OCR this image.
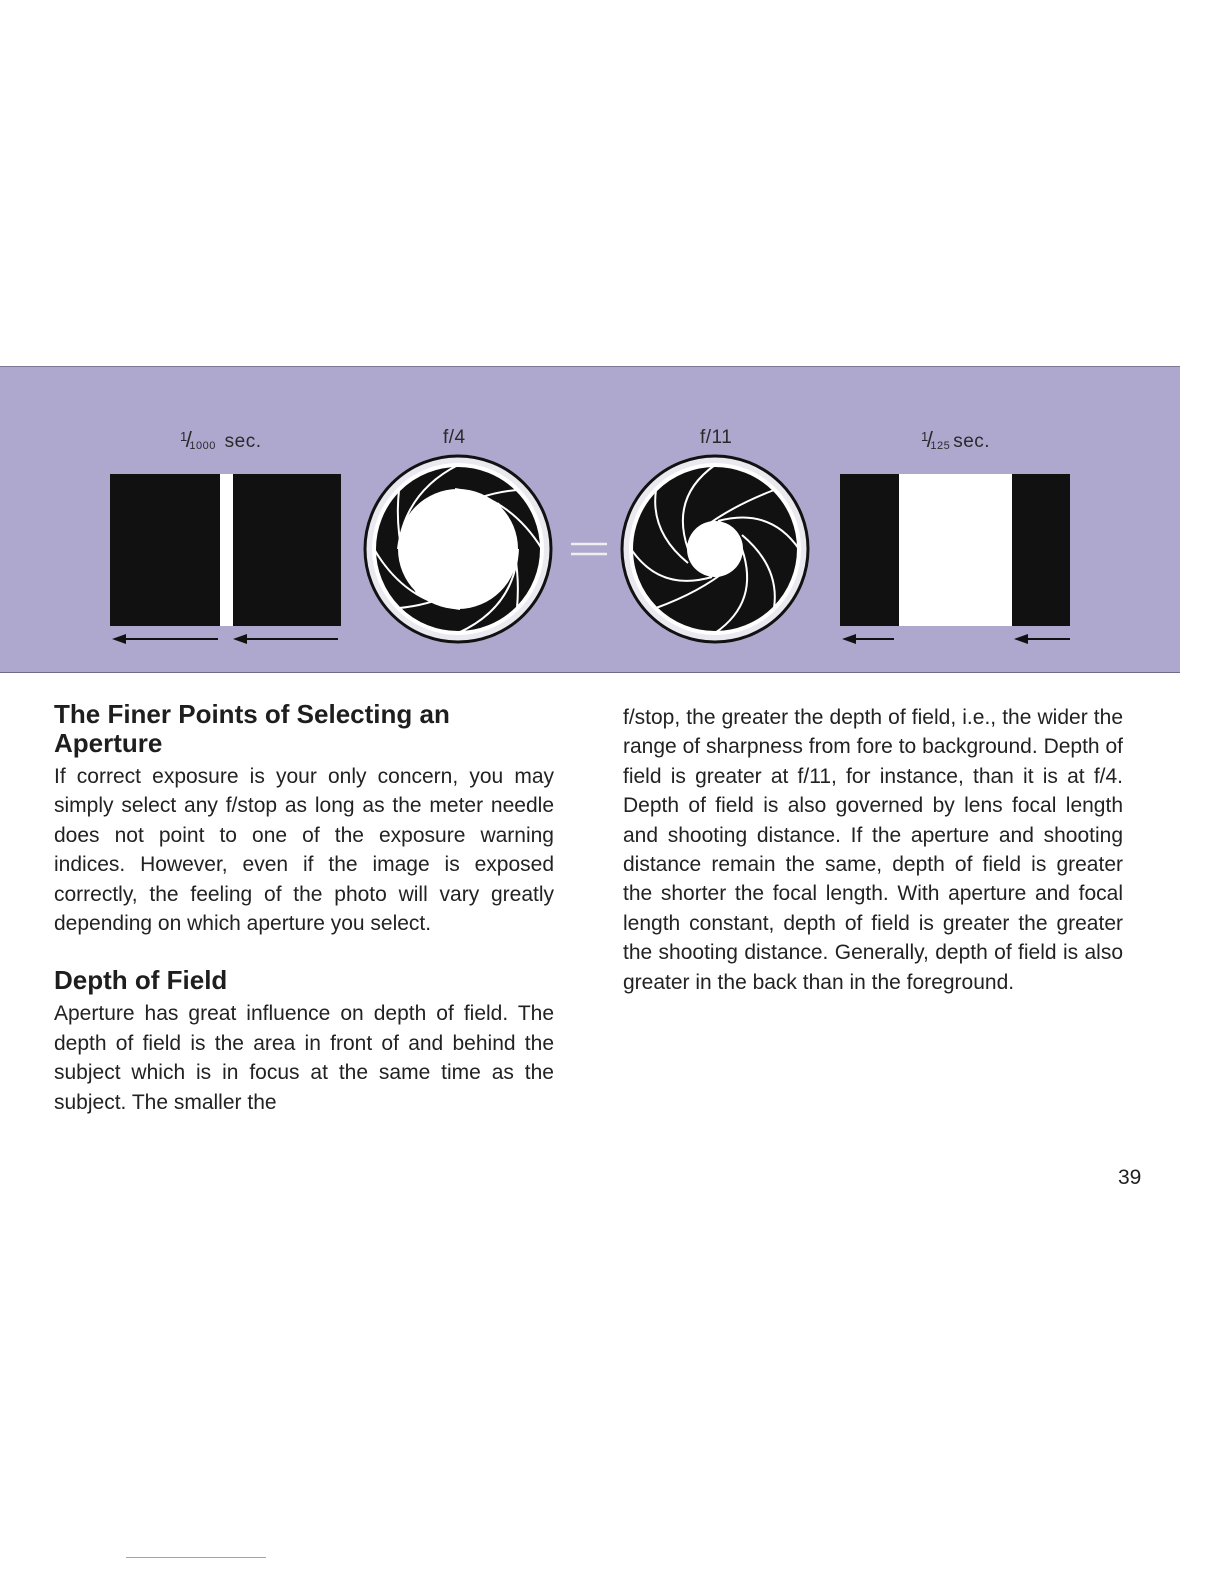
$^1/_{1000}$ sec.	f/4	f/11	$^1/_{125}$ sec.
The Finer Points of Selecting an Aperture

If correct exposure is your only concern, you may simply select any f/stop as long as the meter needle does not point to one of the exposure warning indices. However, even if the image is exposed correctly, the feeling of the photo will vary greatly depending on which aperture you select.

Depth of Field

Aperture has great influence on depth of field. The depth of field is the area in front of and behind the subject which is in focus at the same time as the subject. The smaller the

f/stop, the greater the depth of field, i.e., the wider the range of sharpness from fore to background. Depth of field is greater at f/11, for instance, than it is at f/4. Depth of field is also governed by lens focal length and shooting distance. If the aperture and shooting distance remain the same, depth of field is greater the shorter the focal length. With aperture and focal length constant, depth of field is greater the greater the shooting distance. Generally, depth of field is also greater in the back than in the foreground.

39
